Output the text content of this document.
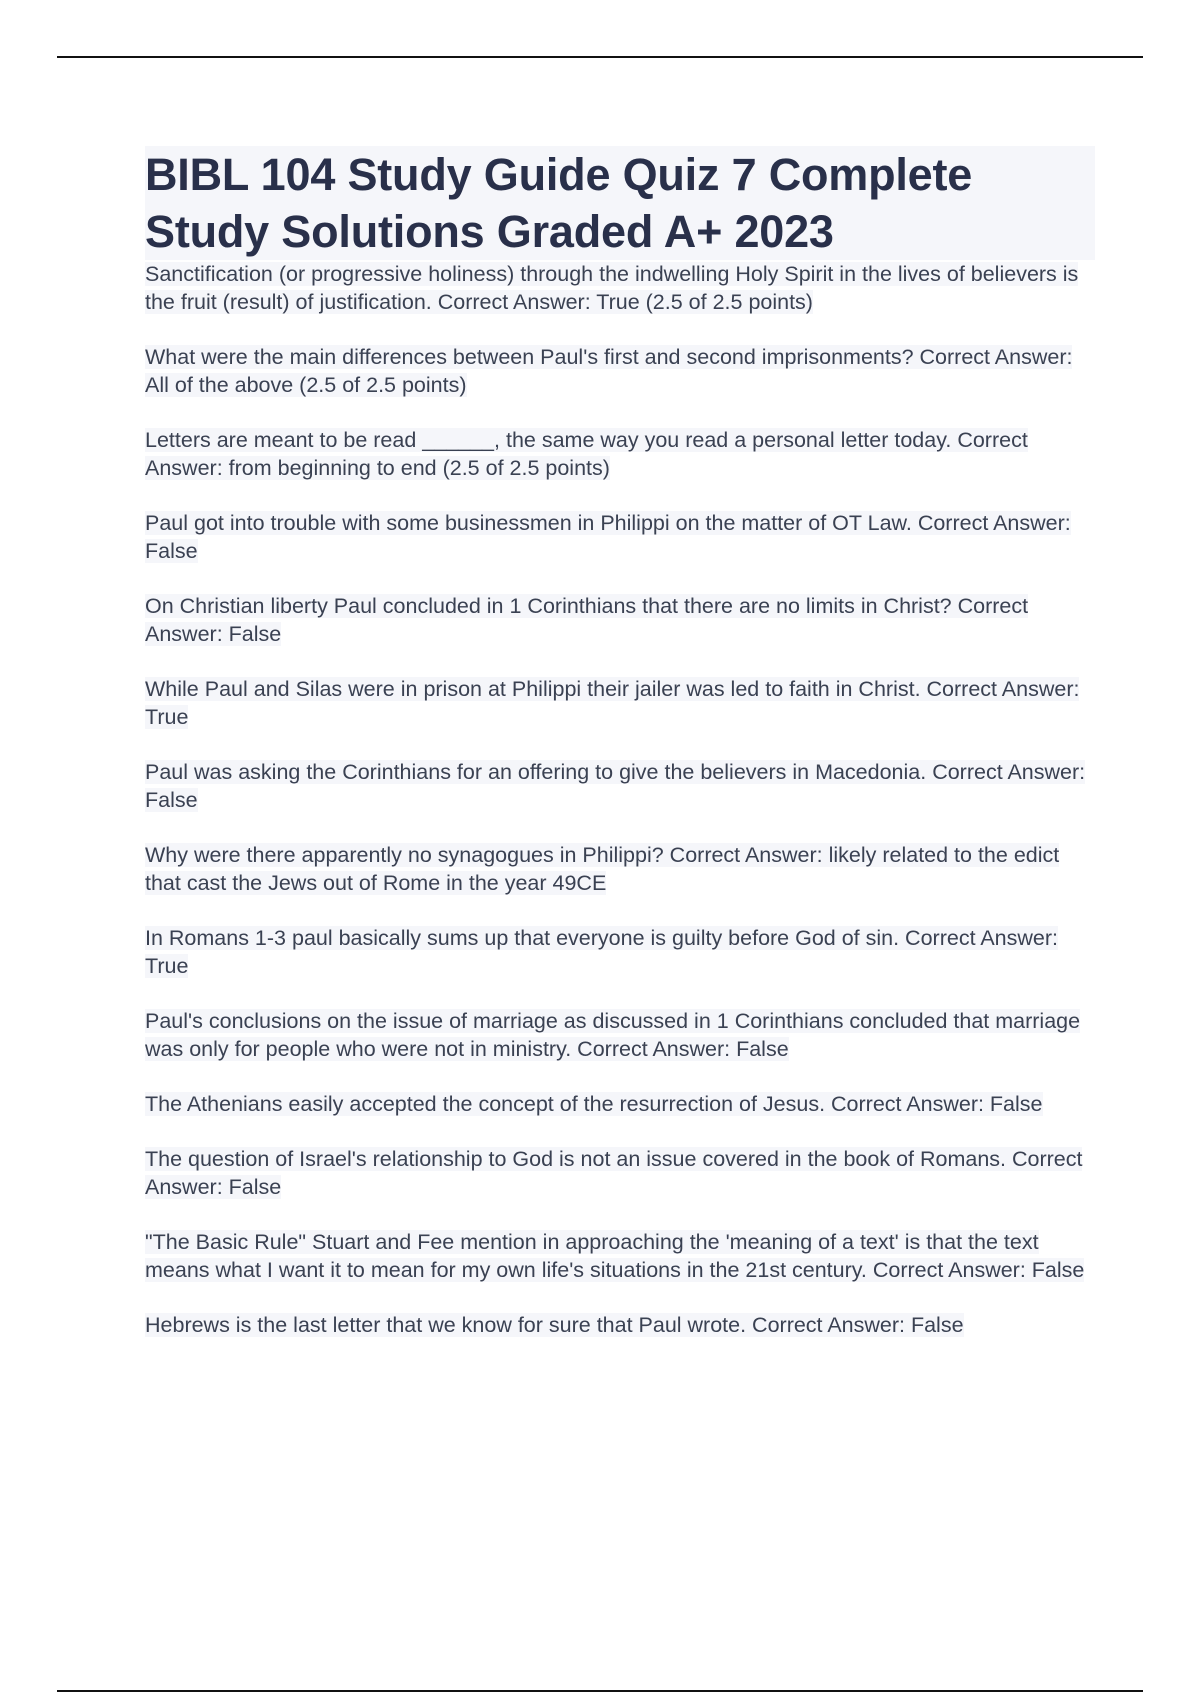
BIBL 104 Study Guide Quiz 7 Complete Study Solutions Graded A+ 2023
Sanctification (or progressive holiness) through the indwelling Holy Spirit in the lives of believers is the fruit (result) of justification. Correct Answer: True (2.5 of 2.5 points)
What were the main differences between Paul's first and second imprisonments? Correct Answer: All of the above (2.5 of 2.5 points)
Letters are meant to be read ______, the same way you read a personal letter today. Correct Answer: from beginning to end (2.5 of 2.5 points)
Paul got into trouble with some businessmen in Philippi on the matter of OT Law. Correct Answer: False
On Christian liberty Paul concluded in 1 Corinthians that there are no limits in Christ? Correct Answer: False
While Paul and Silas were in prison at Philippi their jailer was led to faith in Christ. Correct Answer: True
Paul was asking the Corinthians for an offering to give the believers in Macedonia. Correct Answer: False
Why were there apparently no synagogues in Philippi? Correct Answer: likely related to the edict that cast the Jews out of Rome in the year 49CE
In Romans 1-3 paul basically sums up that everyone is guilty before God of sin. Correct Answer: True
Paul's conclusions on the issue of marriage as discussed in 1 Corinthians concluded that marriage was only for people who were not in ministry. Correct Answer: False
The Athenians easily accepted the concept of the resurrection of Jesus. Correct Answer: False
The question of Israel's relationship to God is not an issue covered in the book of Romans. Correct Answer: False
"The Basic Rule" Stuart and Fee mention in approaching the 'meaning of a text' is that the text means what I want it to mean for my own life's situations in the 21st century. Correct Answer: False
Hebrews is the last letter that we know for sure that Paul wrote. Correct Answer: False
